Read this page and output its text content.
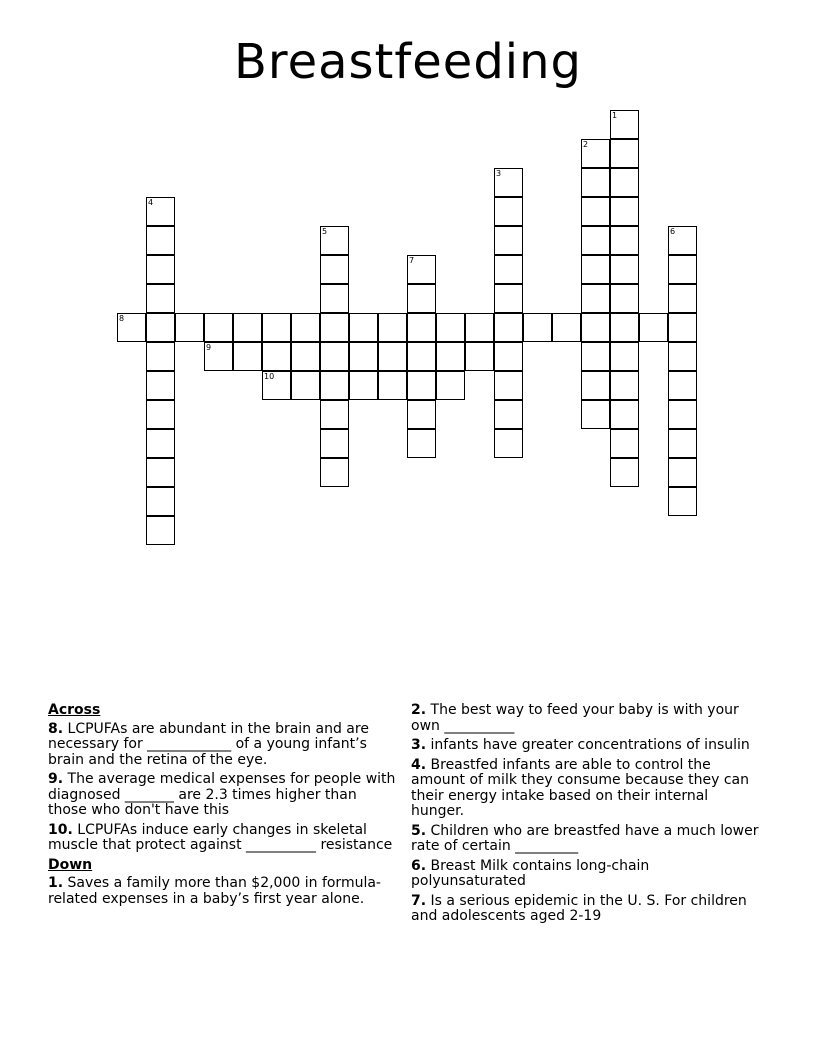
Breastfeeding
1
2
3
4
5	6
7
8
9
10
Across
8. LCPUFAs are abundant in the brain and are necessary for ____________ of a young infant’s brain and the retina of the eye.
9. The average medical expenses for people with diagnosed _______ are 2.3 times higher than those who don't have this
10. LCPUFAs induce early changes in skeletal muscle that protect against __________ resistance
Down
1. Saves a family more than $2,000 in formula-related expenses in a baby’s first year alone.
2. The best way to feed your baby is with your own __________
3. infants have greater concentrations of insulin
4. Breastfed infants are able to control the amount of milk they consume because they can their energy intake based on their internal hunger.
5. Children who are breastfed have a much lower rate of certain _________
6. Breast Milk contains long-chain polyunsaturated
7. Is a serious epidemic in the U. S. For children and adolescents aged 2-19
